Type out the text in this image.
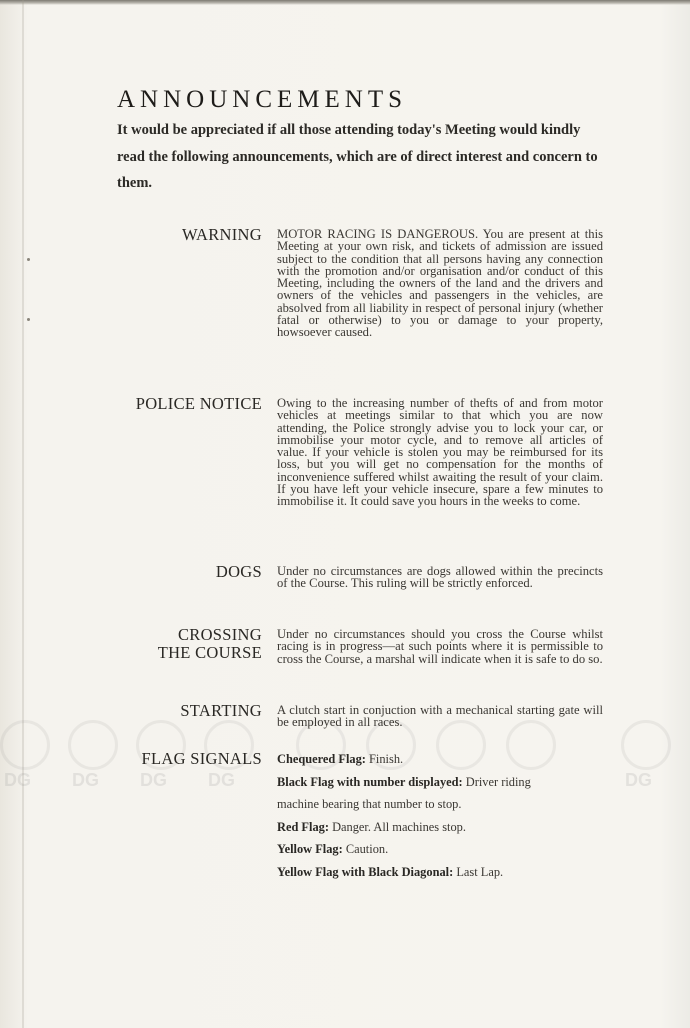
DG DG DG DG	DG
ANNOUNCEMENTS
It would be appreciated if all those attending today's Meeting would kindly read the following announcements, which are of direct interest and concern to them.
WARNING MOTOR RACING IS DANGEROUS. You are present at this Meeting at your own risk, and tickets of admission are issued subject to the condition that all persons having any connection with the promotion and/or organisation and/or conduct of this Meeting, including the owners of the land and the drivers and owners of the vehicles and passengers in the vehicles, are absolved from all liability in respect of personal injury (whether fatal or otherwise) to you or damage to your property, howsoever caused.
POLICE NOTICE Owing to the increasing number of thefts of and from motor vehicles at meetings similar to that which you are now attending, the Police strongly advise you to lock your car, or immobilise your motor cycle, and to remove all articles of value. If your vehicle is stolen you may be reimbursed for its loss, but you will get no compensation for the months of inconvenience suffered whilst awaiting the result of your claim. If you have left your vehicle insecure, spare a few minutes to immobilise it. It could save you hours in the weeks to come.
DOGS Under no circumstances are dogs allowed within the precincts of the Course. This ruling will be strictly enforced.
CROSSING
THE COURSE
Under no circumstances should you cross the Course whilst racing is in progress—at such points where it is permissible to cross the Course, a marshal will indicate when it is safe to do so.
STARTING A clutch start in conjuction with a mechanical starting gate will be employed in all races.
FLAG SIGNALS Chequered Flag: Finish.
Black Flag with number displayed: Driver riding
machine bearing that number to stop.
Red Flag: Danger. All machines stop.
Yellow Flag: Caution.
Yellow Flag with Black Diagonal: Last Lap.
